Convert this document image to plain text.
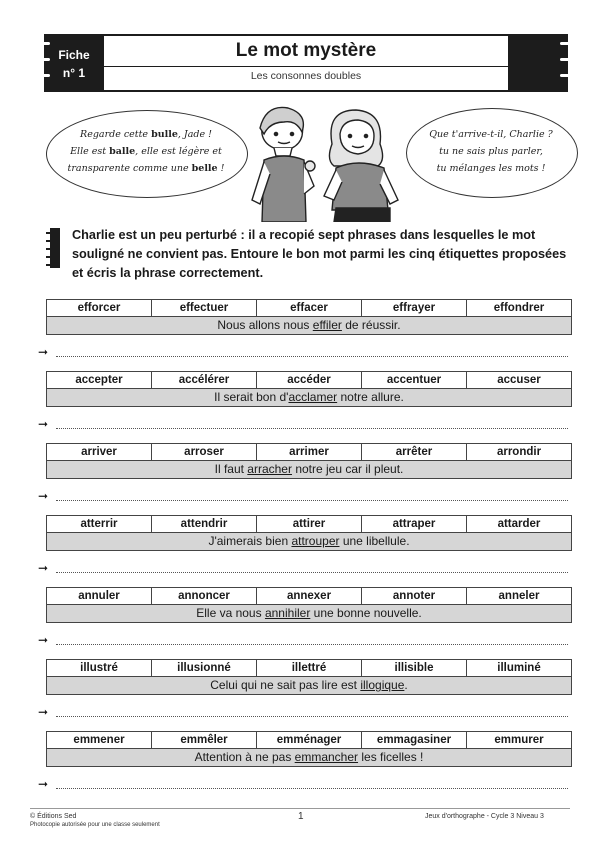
Fiche
n° 1
Le mot mystère
Les consonnes doubles
Regarde cette bulle, Jade !
Elle est balle, elle est légère et
transparente comme une belle !
Que t'arrive-t-il, Charlie ?
tu ne sais plus parler,
tu mélanges les mots !
Charlie est un peu perturbé : il a recopié sept phrases dans lesquelles le mot souligné ne convient pas. Entoure le bon mot parmi les cinq étiquettes proposées et écris la phrase correctement.
efforcer	effectuer	effacer	effrayer	effondrer
Nous allons nous effiler de réussir.
➞
accepter	accélérer	accéder	accentuer	accuser
Il serait bon d'acclamer notre allure.
➞
arriver	arroser	arrimer	arrêter	arrondir
Il faut arracher notre jeu car il pleut.
➞
atterrir	attendrir	attirer	attraper	attarder
J'aimerais bien attrouper une libellule.
➞
annuler	annoncer	annexer	annoter	anneler
Elle va nous annihiler une bonne nouvelle.
➞
illustré	illusionné	illettré	illisible	illuminé
Celui qui ne sait pas lire est illogique.
➞
emmener	emmêler	emménager	emmagasiner	emmurer
Attention à ne pas emmancher les ficelles !
➞
© Éditions Sed
Photocopie autorisée pour une classe seulement
1	Jeux d'orthographe - Cycle 3 Niveau 3
